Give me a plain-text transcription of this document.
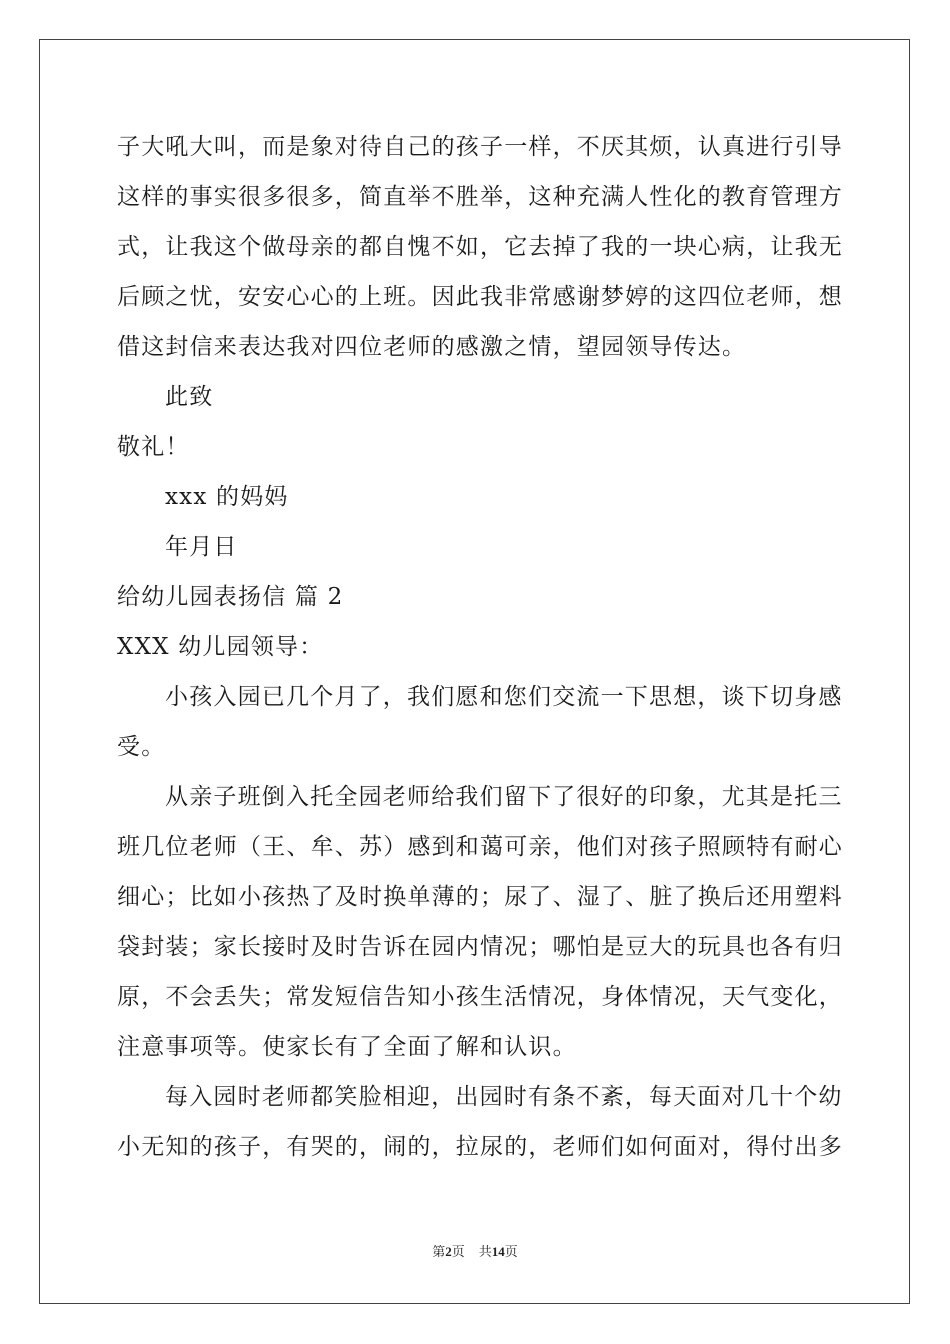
子大吼大叫，而是象对待自己的孩子一样，不厌其烦，认真进行引导
这样的事实很多很多，简直举不胜举，这种充满人性化的教育管理方
式，让我这个做母亲的都自愧不如，它去掉了我的一块心病，让我无
后顾之忧，安安心心的上班。因此我非常感谢梦婷的这四位老师，想
借这封信来表达我对四位老师的感激之情，望园领导传达。
此致
敬礼！
xxx 的妈妈
年月日
给幼儿园表扬信 篇 2
XXX 幼儿园领导：
小孩入园已几个月了，我们愿和您们交流一下思想，谈下切身感
受。
从亲子班倒入托全园老师给我们留下了很好的印象，尤其是托三
班几位老师（王、牟、苏）感到和蔼可亲，他们对孩子照顾特有耐心
细心；比如小孩热了及时换单薄的；尿了、湿了、脏了换后还用塑料
袋封装；家长接时及时告诉在园内情况；哪怕是豆大的玩具也各有归
原，不会丢失；常发短信告知小孩生活情况，身体情况，天气变化，
注意事项等。使家长有了全面了解和认识。
每入园时老师都笑脸相迎，出园时有条不紊，每天面对几十个幼
小无知的孩子，有哭的，闹的，拉尿的，老师们如何面对，得付出多
第2页 共14页
